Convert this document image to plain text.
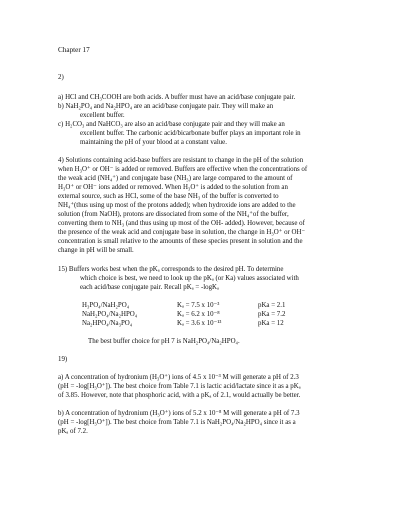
Chapter 17
2)
a) HCl and CH₃COOH are both acids. A buffer must have an acid/base conjugate pair.
b) NaH₂PO₄ and Na₂HPO₄ are an acid/base conjugate pair. They will make an
excellent buffer.
c) H₂CO₃ and NaHCO₃ are also an acid/base conjugate pair and they will make an
excellent buffer. The carbonic acid/bicarbonate buffer plays an important role in
maintaining the pH of your blood at a constant value.
4) Solutions containing acid-base buffers are resistant to change in the pH of the solution
when H₃O⁺ or OH⁻ is added or removed. Buffers are effective when the concentrations of
the weak acid (NH₄⁺) and conjugate base (NH₃) are large compared to the amount of
H₃O⁺ or OH⁻ ions added or removed. When H₃O⁺ is added to the solution from an
external source, such as HCl, some of the base NH₃ of the buffer is converted to
NH₄⁺(thus using up most of the protons added); when hydroxide ions are added to the
solution (from NaOH), protons are dissociated from some of the NH₄⁺of the buffer,
converting them to NH₃ (and thus using up most of the OH- added). However, because of
the presence of the weak acid and conjugate base in solution, the change in H₃O⁺ or OH⁻
concentration is small relative to the amounts of these species present in solution and the
change in pH will be small.
15) Buffers works best when the pKₐ corresponds to the desired pH. To determine
which choice is best, we need to look up the pKₐ (or Ka) values associated with
each acid/base conjugate pair. Recall pKₐ = -logKₐ
H₃PO₄/NaH₂PO₄	Kₐ = 7.5 x 10⁻³	pKa = 2.1
NaH₂PO₄/Na₂HPO₄	Kₐ = 6.2 x 10⁻⁸	pKa = 7.2
Na₂HPO₄/Na₃PO₄	Kₐ = 3.6 x 10⁻¹³	pKa = 12
The best buffer choice for pH 7 is NaH₂PO₄/Na₂HPO₄.
19)
a) A concentration of hydronium (H₃O⁺) ions of 4.5 x 10⁻³ M will generate a pH of 2.3
(pH = -log[H₃O⁺]). The best choice from Table 7.1 is lactic acid/lactate since it as a pKₐ
of 3.85. However, note that phosphoric acid, with a pKₐ of 2.1, would actually be better.
b) A concentration of hydronium (H₃O⁺) ions of 5.2 x 10⁻⁸ M will generate a pH of 7.3
(pH = -log[H₃O⁺]). The best choice from Table 7.1 is NaH₂PO₄/Na₂HPO₄ since it as a
pKₐ of 7.2.
